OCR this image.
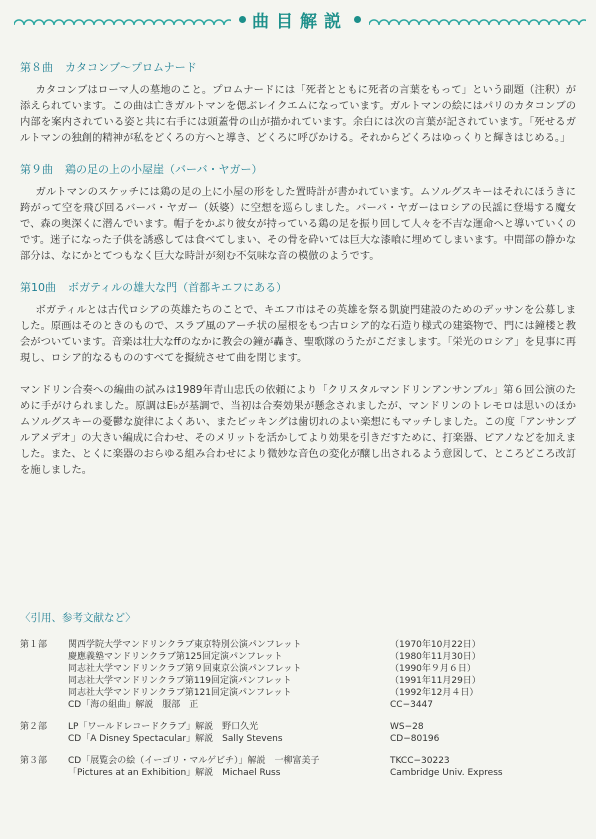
曲目解説

第８曲 カタコンブ〜プロムナード

カタコンブはローマ人の墓地のこと。プロムナードには「死者とともに死者の言葉をもって」という副題（注釈）が添えられています。この曲は亡きガルトマンを偲ぶレイクエムになっています。ガルトマンの絵にはパリのカタコンブの内部を案内されている姿と共に右手には頭蓋骨の山が描かれています。余白には次の言葉が記されています。「死せるガルトマンの独創的精神が私をどくろの方へと導き、どくろに呼びかける。それからどくろはゆっくりと輝きはじめる。」

第９曲 鶏の足の上の小屋崖（バーバ・ヤガー）

ガルトマンのスケッチには鶏の足の上に小屋の形をした置時計が書かれています。ムソルグスキーはそれにほうきに跨がって空を飛び回るバーバ・ヤガー（妖婆）に空想を巡らしました。バーバ・ヤガーはロシアの民謡に登場する魔女で、森の奥深くに潜んでいます。帽子をかぶり彼女が持っている鶏の足を振り回して人々を不吉な運命へと導いていくのです。迷子になった子供を誘惑しては食べてしまい、その骨を砕いては巨大な漆喰に埋めてしまいます。中間部の静かな部分は、なにかとてつもなく巨大な時計が刻む不気味な音の模倣のようです。

第10曲 ボガティルの雄大な門（首都キエフにある）

ボガティルとは古代ロシアの英雄たちのことで、キエフ市はその英雄を祭る凱旋門建設のためのデッサンを公募しました。原画はそのときのもので、スラブ風のアーチ状の屋根をもつ古ロシア的な石造り様式の建築物で、門には鐘楼と教会がついています。音楽は壮大なffのなかに教会の鐘が轟き、聖歌隊のうたがこだまします。「栄光のロシア」を見事に再現し、ロシア的なるもののすべてを擬続させて曲を閉じます。

マンドリン合奏への編曲の試みは1989年青山忠氏の依頼により「クリスタルマンドリンアンサンブル」第６回公演のために手がけられました。原調はE♭が基調で、当初は合奏効果が懸念されましたが、マンドリンのトレモロは思いのほかムソルグスキーの憂鬱な旋律によくあい、またピッキングは歯切れのよい楽想にもマッチしました。この度「アンサンブルアメデオ」の大きい編成に合わせ、そのメリットを活かしてより効果を引きだすために、打楽器、ピアノなどを加えました。また、とくに楽器のおらゆる組み合わせにより微妙な音色の変化が醸し出されるよう意図して、ところどころ改訂を施しました。

〈引用、参考文献など〉
第１部	関西学院大学マンドリンクラブ東京特別公演パンフレット	（1970年10月22日）
慶應義塾マンドリンクラブ第125回定演パンフレット	（1980年11月30日）
同志社大学マンドリンクラブ第９回東京公演パンフレット	（1990年９月６日）
同志社大学マンドリンクラブ第119回定演パンフレット	（1991年11月29日）
同志社大学マンドリンクラブ第121回定演パンフレット	（1992年12月４日）
CD「海の組曲」解説　服部　正	CC−3447
第２部	LP「ワールドレコードクラブ」解説　野口久光	WS−28
CD「A Disney Spectacular」解説　Sally Stevens	CD−80196
第３部	CD「展覧会の絵（イーゴリ・マルゲビチ）」解説　一柳富美子	TKCC−30223
「Pictures at an Exhibition」解説　Michael Russ	Cambridge Univ. Express
